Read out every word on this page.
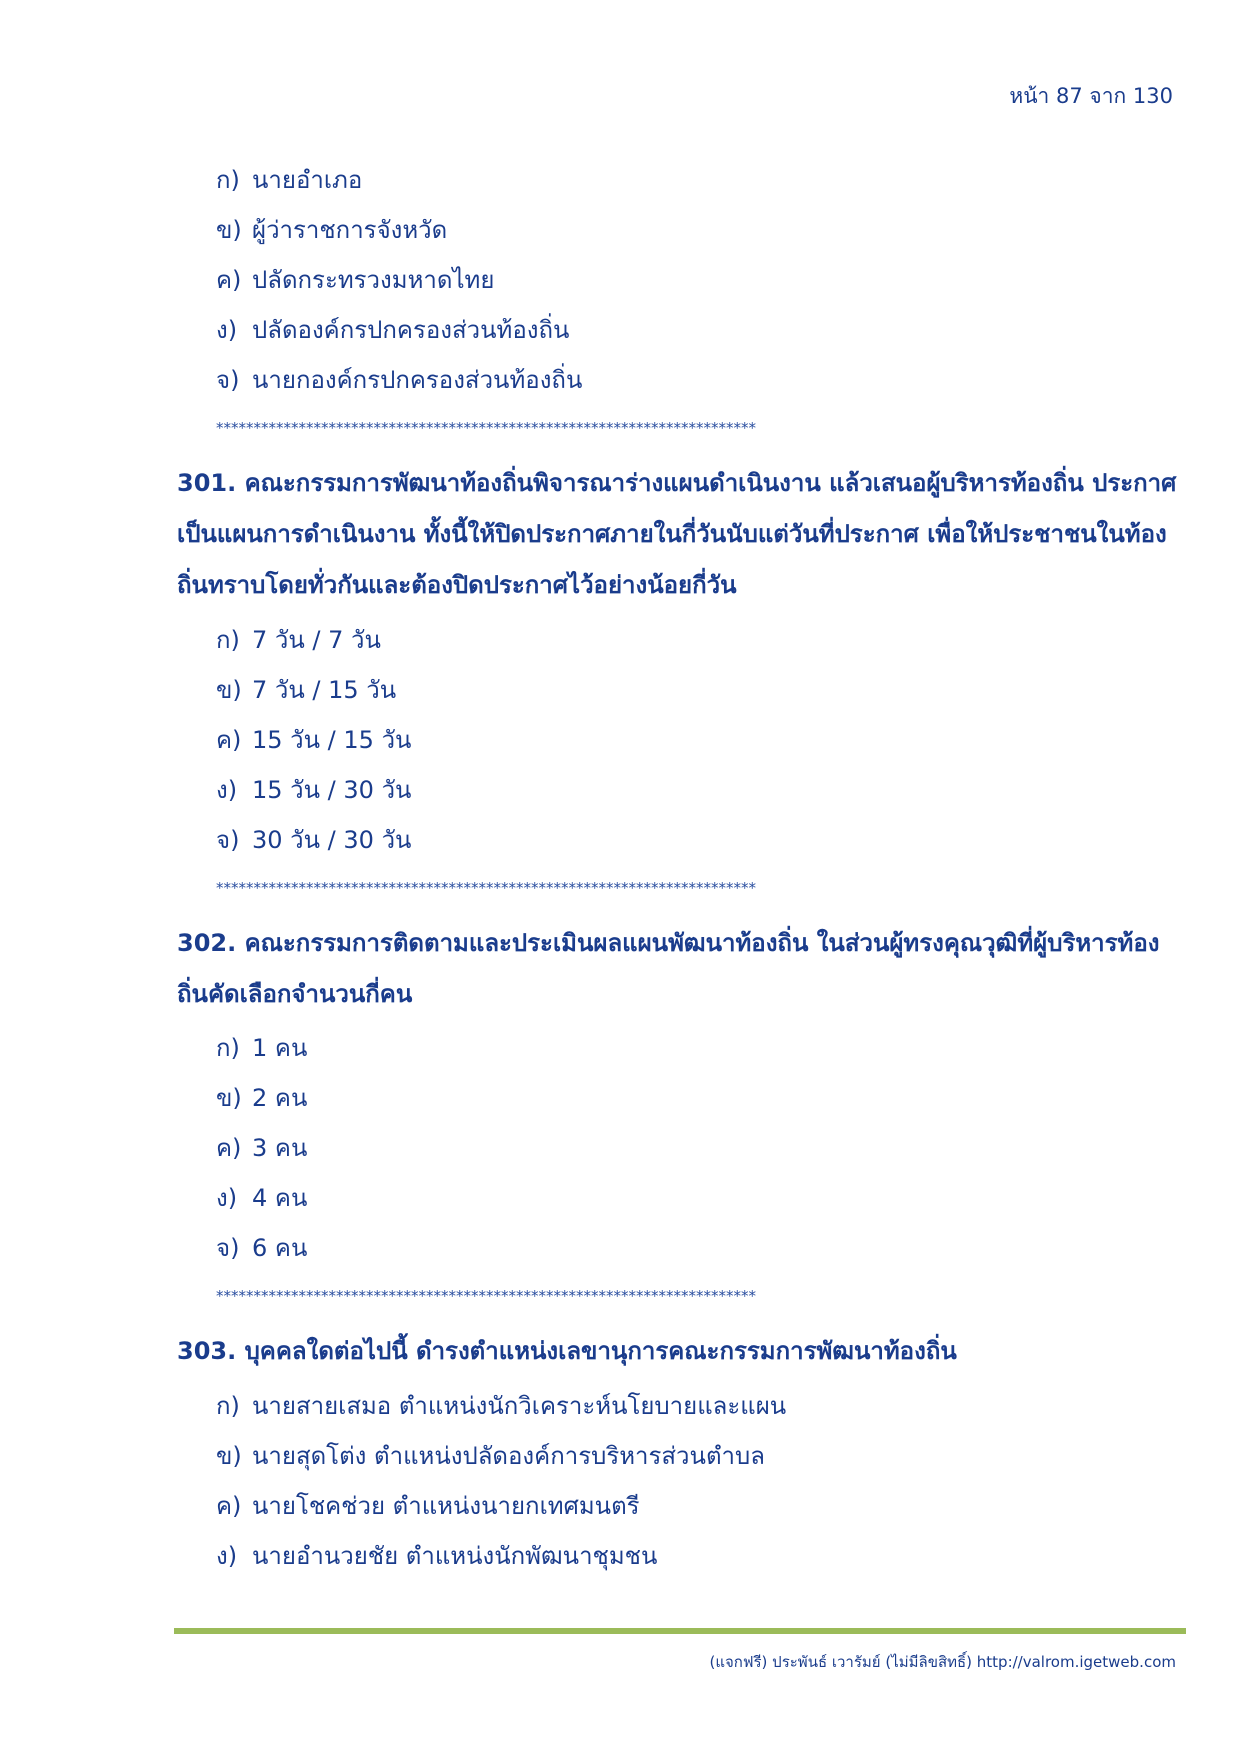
หน้า 87 จาก 130
ก) นายอำเภอ
ข) ผู้ว่าราชการจังหวัด
ค) ปลัดกระทรวงมหาดไทย
ง) ปลัดองค์กรปกครองส่วนท้องถิ่น
จ) นายกองค์กรปกครองส่วนท้องถิ่น
************************************************************************
301. คณะกรรมการพัฒนาท้องถิ่นพิจารณาร่างแผนดำเนินงาน แล้วเสนอผู้บริหารท้องถิ่น ประกาศเป็นแผนการดำเนินงาน ทั้งนี้ให้ปิดประกาศภายในกี่วันนับแต่วันที่ประกาศ เพื่อให้ประชาชนในท้องถิ่นทราบโดยทั่วกันและต้องปิดประกาศไว้อย่างน้อยกี่วัน
ก) 7 วัน / 7 วัน
ข) 7 วัน / 15 วัน
ค) 15 วัน / 15 วัน
ง) 15 วัน / 30 วัน
จ) 30 วัน / 30 วัน
************************************************************************
302. คณะกรรมการติดตามและประเมินผลแผนพัฒนาท้องถิ่น ในส่วนผู้ทรงคุณวุฒิที่ผู้บริหารท้องถิ่นคัดเลือกจำนวนกี่คน
ก) 1 คน
ข) 2 คน
ค) 3 คน
ง) 4 คน
จ) 6 คน
************************************************************************
303. บุคคลใดต่อไปนี้ ดำรงตำแหน่งเลขานุการคณะกรรมการพัฒนาท้องถิ่น
ก) นายสายเสมอ ตำแหน่งนักวิเคราะห์นโยบายและแผน
ข) นายสุดโต่ง ตำแหน่งปลัดองค์การบริหารส่วนตำบล
ค) นายโชคช่วย ตำแหน่งนายกเทศมนตรี
ง) นายอำนวยชัย ตำแหน่งนักพัฒนาชุมชน
(แจกฟรี) ประพันธ์ เวารัมย์ (ไม่มีลิขสิทธิ์) http://valrom.igetweb.com
